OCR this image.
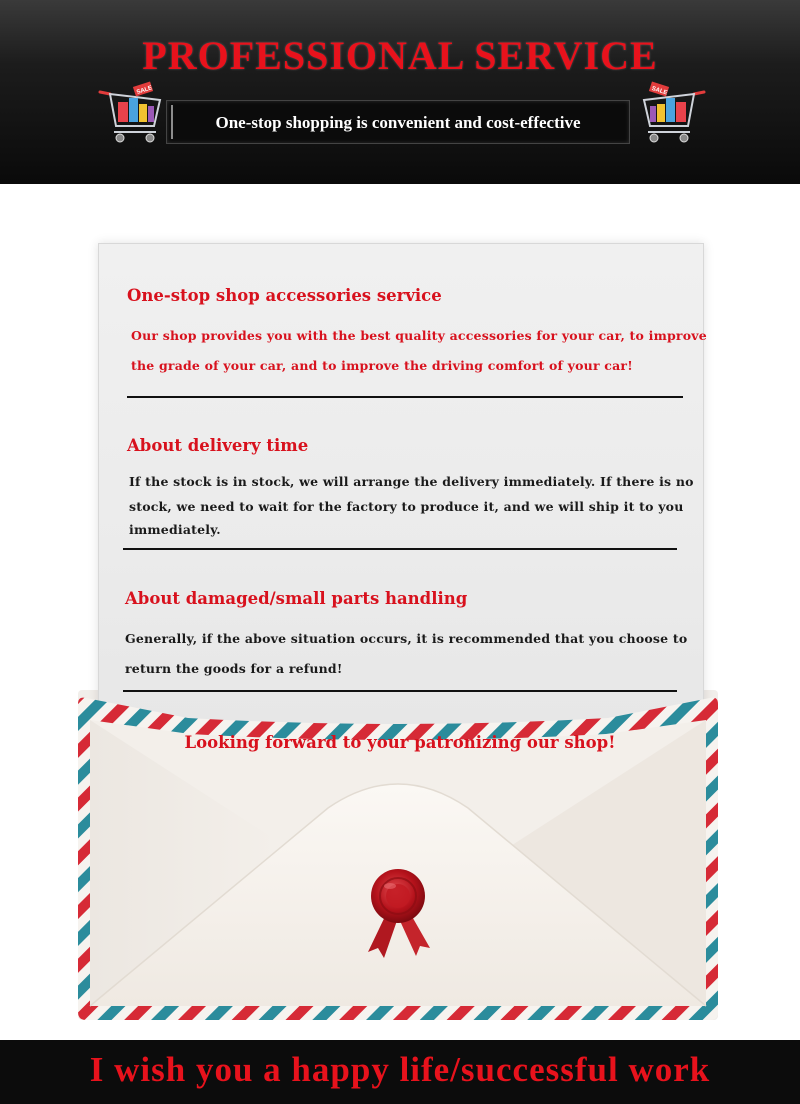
PROFESSIONAL SERVICE
SALE
One-stop shopping is convenient and cost-effective
SALE
One-stop shop accessories service
Our shop provides you with the best quality accessories for your car, to improve
the grade of your car, and to improve the driving comfort of your car!
About delivery time
If the stock is in stock, we will arrange the delivery immediately. If there is no
stock, we need to wait for the factory to produce it, and we will ship it to you
immediately.
About damaged/small parts handling
Generally, if the above situation occurs, it is recommended that you choose to
return the goods for a refund!
Looking forward to your patronizing our shop!
I wish you a happy life/successful work
